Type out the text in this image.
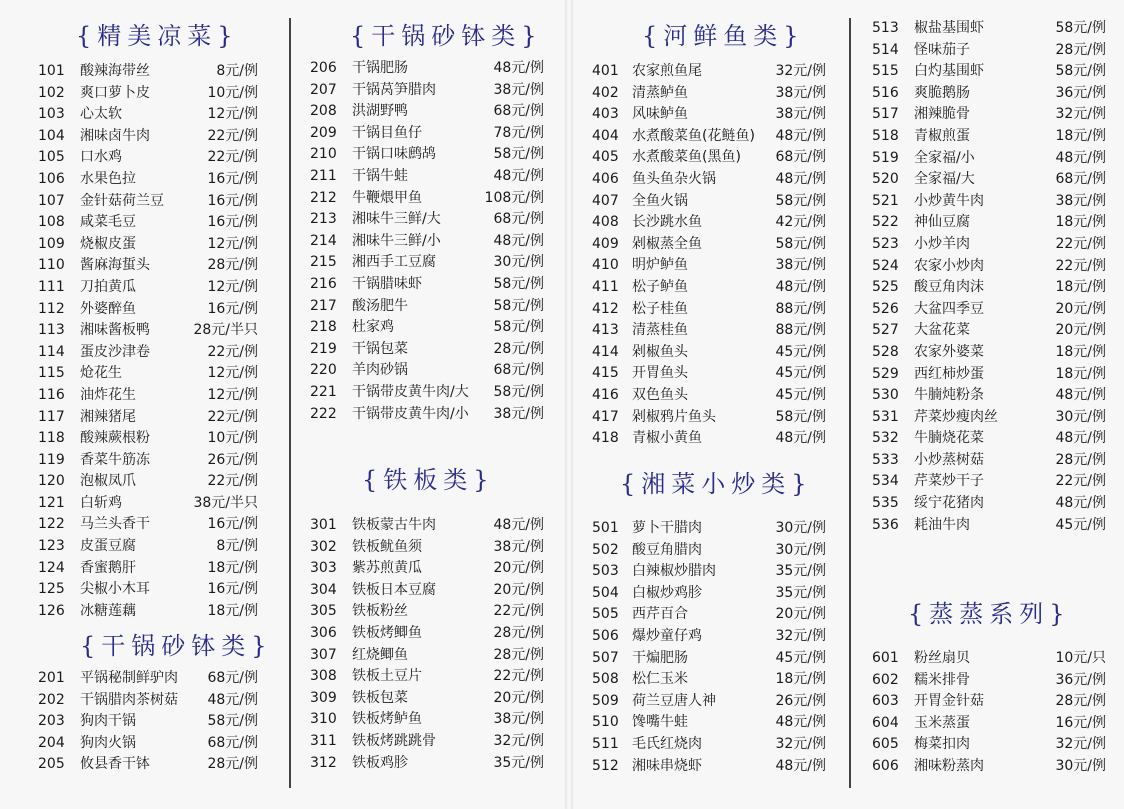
{精美凉菜}
101 酸辣海带丝	8元/例
102 爽口萝卜皮	10元/例
103 心太软	12元/例
104 湘味卤牛肉	22元/例
105 口水鸡	22元/例
106 水果色拉	16元/例
107 金针菇荷兰豆	16元/例
108 咸菜毛豆	16元/例
109 烧椒皮蛋	12元/例
110 酱麻海蜇头	28元/例
111 刀拍黄瓜	12元/例
112 外婆醉鱼	16元/例
113 湘味酱板鸭	28元/半只
114 蛋皮沙津卷	22元/例
115 炝花生	12元/例
116 油炸花生	12元/例
117 湘辣猪尾	22元/例
118 酸辣蕨根粉	10元/例
119 香菜牛筋冻	26元/例
120 泡椒凤爪	22元/例
121 白斩鸡	38元/半只
122 马兰头香干	16元/例
123 皮蛋豆腐	8元/例
124 香蜜鹅肝	18元/例
125 尖椒小木耳	16元/例
126 冰糖莲藕	18元/例
{干锅砂钵类}
201 平锅秘制鲜驴肉 68元/例
202 干锅腊肉茶树菇 48元/例
203 狗肉干锅	58元/例
204 狗肉火锅	68元/例
205 攸县香干钵	28元/例
{干锅砂钵类}
206 干锅肥肠	48元/例
207 干锅莴笋腊肉	38元/例
208 洪湖野鸭	68元/例
209 干锅目鱼仔	78元/例
210 干锅口味鹧鸪	58元/例
211 干锅牛蛙	48元/例
212 牛鞭煨甲鱼	108元/例
213 湘味牛三鲜/大	68元/例
214 湘味牛三鲜/小	48元/例
215 湘西手工豆腐	30元/例
216 干锅腊味虾	58元/例
217 酸汤肥牛	58元/例
218 杜家鸡	58元/例
219 干锅包菜	28元/例
220 羊肉砂锅	68元/例
221 干锅带皮黄牛肉/大 58元/例
222 干锅带皮黄牛肉/小 38元/例
{铁板类}
301 铁板蒙古牛肉	48元/例
302 铁板鱿鱼须	38元/例
303 紫苏煎黄瓜	20元/例
304 铁板日本豆腐	20元/例
305 铁板粉丝	22元/例
306 铁板烤鲫鱼	28元/例
307 红烧鲫鱼	28元/例
308 铁板土豆片	22元/例
309 铁板包菜	20元/例
310 铁板烤鲈鱼	38元/例
311 铁板烤跳跳骨	32元/例
312 铁板鸡胗	35元/例
{河鲜鱼类}
401 农家煎鱼尾	32元/例
402 清蒸鲈鱼	38元/例
403 风味鲈鱼	38元/例
404 水煮酸菜鱼(花鲢鱼) 48元/例
405 水煮酸菜鱼(黑鱼) 68元/例
406 鱼头鱼杂火锅	48元/例
407 全鱼火锅	58元/例
408 长沙跳水鱼	42元/例
409 剁椒蒸全鱼	58元/例
410 明炉鲈鱼	38元/例
411 松子鲈鱼	48元/例
412 松子桂鱼	88元/例
413 清蒸桂鱼	88元/例
414 剁椒鱼头	45元/例
415 开胃鱼头	45元/例
416 双色鱼头	45元/例
417 剁椒鸦片鱼头	58元/例
418 青椒小黄鱼	48元/例
{湘菜小炒类}
501 萝卜干腊肉	30元/例
502 酸豆角腊肉	30元/例
503 白辣椒炒腊肉	35元/例
504 白椒炒鸡胗	35元/例
505 西芹百合	20元/例
506 爆炒童仔鸡	32元/例
507 干煸肥肠	45元/例
508 松仁玉米	18元/例
509 荷兰豆唐人神	26元/例
510 馋嘴牛蛙	48元/例
511 毛氏红烧肉	32元/例
512 湘味串烧虾	48元/例
513 椒盐基围虾	58元/例
514 怪味茄子	28元/例
515 白灼基围虾	58元/例
516 爽脆鹅肠	36元/例
517 湘辣脆骨	32元/例
518 青椒煎蛋	18元/例
519 全家福/小	48元/例
520 全家福/大	68元/例
521 小炒黄牛肉	38元/例
522 神仙豆腐	18元/例
523 小炒羊肉	22元/例
524 农家小炒肉	22元/例
525 酸豆角肉沫	18元/例
526 大盆四季豆	20元/例
527 大盆花菜	20元/例
528 农家外婆菜	18元/例
529 西红柿炒蛋	18元/例
530 牛腩炖粉条	48元/例
531 芹菜炒瘦肉丝	30元/例
532 牛腩烧花菜	48元/例
533 小炒蒸树菇	28元/例
534 芹菜炒干子	22元/例
535 绥宁花猪肉	48元/例
536 耗油牛肉	45元/例
{蒸蒸系列}
601 粉丝扇贝	10元/只
602 糯米排骨	36元/例
603 开胃金针菇	28元/例
604 玉米蒸蛋	16元/例
605 梅菜扣肉	32元/例
606 湘味粉蒸肉	30元/例
